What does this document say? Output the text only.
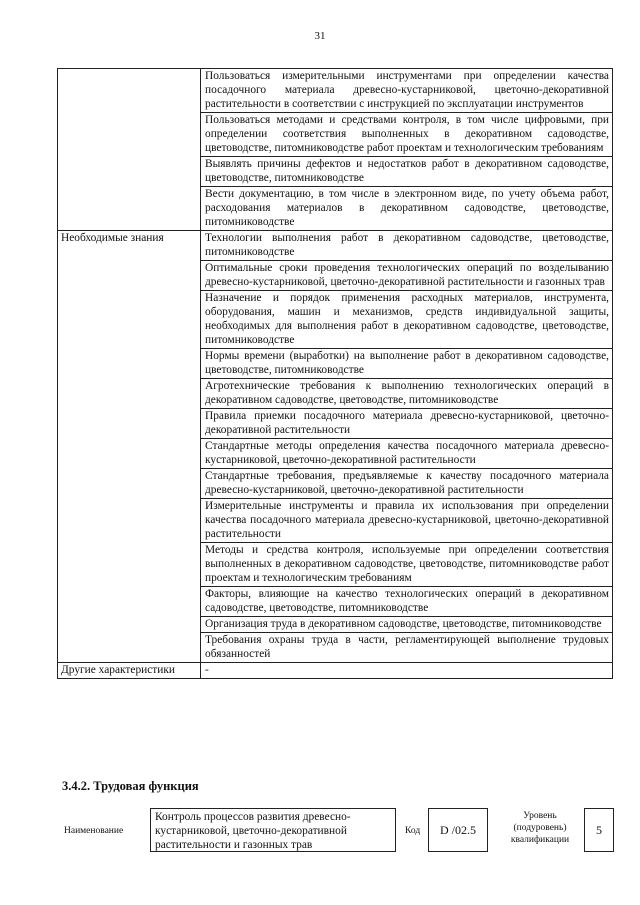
31
	Пользоваться измерительными инструментами при определении качества посадочного материала древесно-кустарниковой, цветочно-декоративной растительности в соответствии с инструкцией по эксплуатации инструментов
	Пользоваться методами и средствами контроля, в том числе цифровыми, при определении соответствия выполненных в декоративном садоводстве, цветоводстве, питомниководстве работ проектам и технологическим требованиям
	Выявлять причины дефектов и недостатков работ в декоративном садоводстве, цветоводстве, питомниководстве
	Вести документацию, в том числе в электронном виде, по учету объема работ, расходования материалов в декоративном садоводстве, цветоводстве, питомниководстве
Необходимые знания	Технологии выполнения работ в декоративном садоводстве, цветоводстве, питомниководстве
	Оптимальные сроки проведения технологических операций по возделыванию древесно-кустарниковой, цветочно-декоративной растительности и газонных трав
	Назначение и порядок применения расходных материалов, инструмента, оборудования, машин и механизмов, средств индивидуальной защиты, необходимых для выполнения работ в декоративном садоводстве, цветоводстве, питомниководстве
	Нормы времени (выработки) на выполнение работ в декоративном садоводстве, цветоводстве, питомниководстве
	Агротехнические требования к выполнению технологических операций в декоративном садоводстве, цветоводстве, питомниководстве
	Правила приемки посадочного материала древесно-кустарниковой, цветочно-декоративной растительности
	Стандартные методы определения качества посадочного материала древесно-кустарниковой, цветочно-декоративной растительности
	Стандартные требования, предъявляемые к качеству посадочного материала древесно-кустарниковой, цветочно-декоративной растительности
	Измерительные инструменты и правила их использования при определении качества посадочного материала древесно-кустарниковой, цветочно-декоративной растительности
	Методы и средства контроля, используемые при определении соответствия выполненных в декоративном садоводстве, цветоводстве, питомниководстве работ проектам и технологическим требованиям
	Факторы, влияющие на качество технологических операций в декоративном садоводстве, цветоводстве, питомниководстве
	Организация труда в декоративном садоводстве, цветоводстве, питомниководстве
	Требования охраны труда в части, регламентирующей выполнение трудовых обязанностей
Другие характеристики	-
3.4.2. Трудовая функция
Наименование
Контроль процессов развития древесно-кустарниковой, цветочно-декоративной растительности и газонных трав
Код	D /02.5
Уровень (подуровень) квалификации
5
